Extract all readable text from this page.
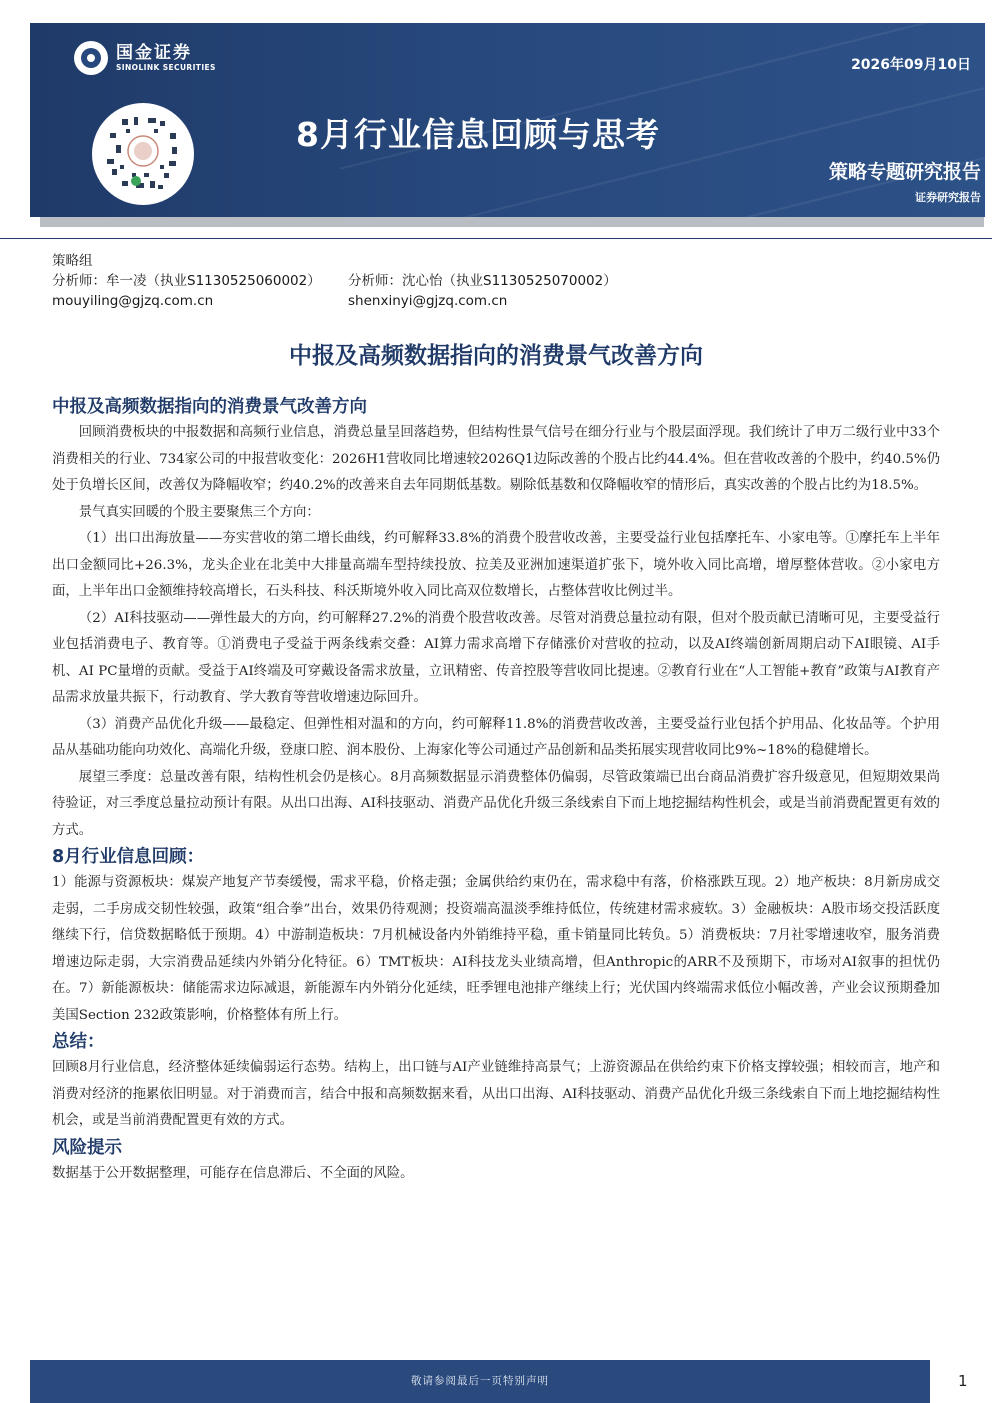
国金证券
SINOLINK SECURITIES	2026年09月10日
8月行业信息回顾与思考
策略专题研究报告
证券研究报告
策略组
分析师：牟一凌（执业S1130525060002） 分析师：沈心怡（执业S1130525070002）
mouyiling@gjzq.com.cn	shenxinyi@gjzq.com.cn
中报及高频数据指向的消费景气改善方向
中报及高频数据指向的消费景气改善方向

回顾消费板块的中报数据和高频行业信息，消费总量呈回落趋势，但结构性景气信号在细分行业与个股层面浮现。我们统计了申万二级行业中33个消费相关的行业、734家公司的中报营收变化：2026H1营收同比增速较2026Q1边际改善的个股占比约44.4%。但在营收改善的个股中，约40.5%仍处于负增长区间，改善仅为降幅收窄；约40.2%的改善来自去年同期低基数。剔除低基数和仅降幅收窄的情形后，真实改善的个股占比约为18.5%。

景气真实回暖的个股主要聚焦三个方向：

（1）出口出海放量——夯实营收的第二增长曲线，约可解释33.8%的消费个股营收改善，主要受益行业包括摩托车、小家电等。①摩托车上半年出口金额同比+26.3%，龙头企业在北美中大排量高端车型持续投放、拉美及亚洲加速渠道扩张下，境外收入同比高增，增厚整体营收。②小家电方面，上半年出口金额维持较高增长，石头科技、科沃斯境外收入同比高双位数增长，占整体营收比例过半。

（2）AI科技驱动——弹性最大的方向，约可解释27.2%的消费个股营收改善。尽管对消费总量拉动有限，但对个股贡献已清晰可见，主要受益行业包括消费电子、教育等。①消费电子受益于两条线索交叠：AI算力需求高增下存储涨价对营收的拉动，以及AI终端创新周期启动下AI眼镜、AI手机、AI PC量增的贡献。受益于AI终端及可穿戴设备需求放量，立讯精密、传音控股等营收同比提速。②教育行业在“人工智能+教育”政策与AI教育产品需求放量共振下，行动教育、学大教育等营收增速边际回升。

（3）消费产品优化升级——最稳定、但弹性相对温和的方向，约可解释11.8%的消费营收改善，主要受益行业包括个护用品、化妆品等。个护用品从基础功能向功效化、高端化升级，登康口腔、润本股份、上海家化等公司通过产品创新和品类拓展实现营收同比9%~18%的稳健增长。

展望三季度：总量改善有限，结构性机会仍是核心。8月高频数据显示消费整体仍偏弱，尽管政策端已出台商品消费扩容升级意见，但短期效果尚待验证，对三季度总量拉动预计有限。从出口出海、AI科技驱动、消费产品优化升级三条线索自下而上地挖掘结构性机会，或是当前消费配置更有效的方式。

8月行业信息回顾：

1）能源与资源板块：煤炭产地复产节奏缓慢，需求平稳，价格走强；金属供给约束仍在，需求稳中有落，价格涨跌互现。2）地产板块：8月新房成交走弱，二手房成交韧性较强，政策“组合拳”出台，效果仍待观测；投资端高温淡季维持低位，传统建材需求疲软。3）金融板块：A股市场交投活跃度继续下行，信贷数据略低于预期。4）中游制造板块：7月机械设备内外销维持平稳，重卡销量同比转负。5）消费板块：7月社零增速收窄，服务消费增速边际走弱，大宗消费品延续内外销分化特征。6）TMT板块：AI科技龙头业绩高增，但Anthropic的ARR不及预期下，市场对AI叙事的担忧仍在。7）新能源板块：储能需求边际减退，新能源车内外销分化延续，旺季锂电池排产继续上行；光伏国内终端需求低位小幅改善，产业会议预期叠加美国Section 232政策影响，价格整体有所上行。

总结：

回顾8月行业信息，经济整体延续偏弱运行态势。结构上，出口链与AI产业链维持高景气；上游资源品在供给约束下价格支撑较强；相较而言，地产和消费对经济的拖累依旧明显。对于消费而言，结合中报和高频数据来看，从出口出海、AI科技驱动、消费产品优化升级三条线索自下而上地挖掘结构性机会，或是当前消费配置更有效的方式。

风险提示

数据基于公开数据整理，可能存在信息滞后、不全面的风险。

敬请参阅最后一页特别声明	1
